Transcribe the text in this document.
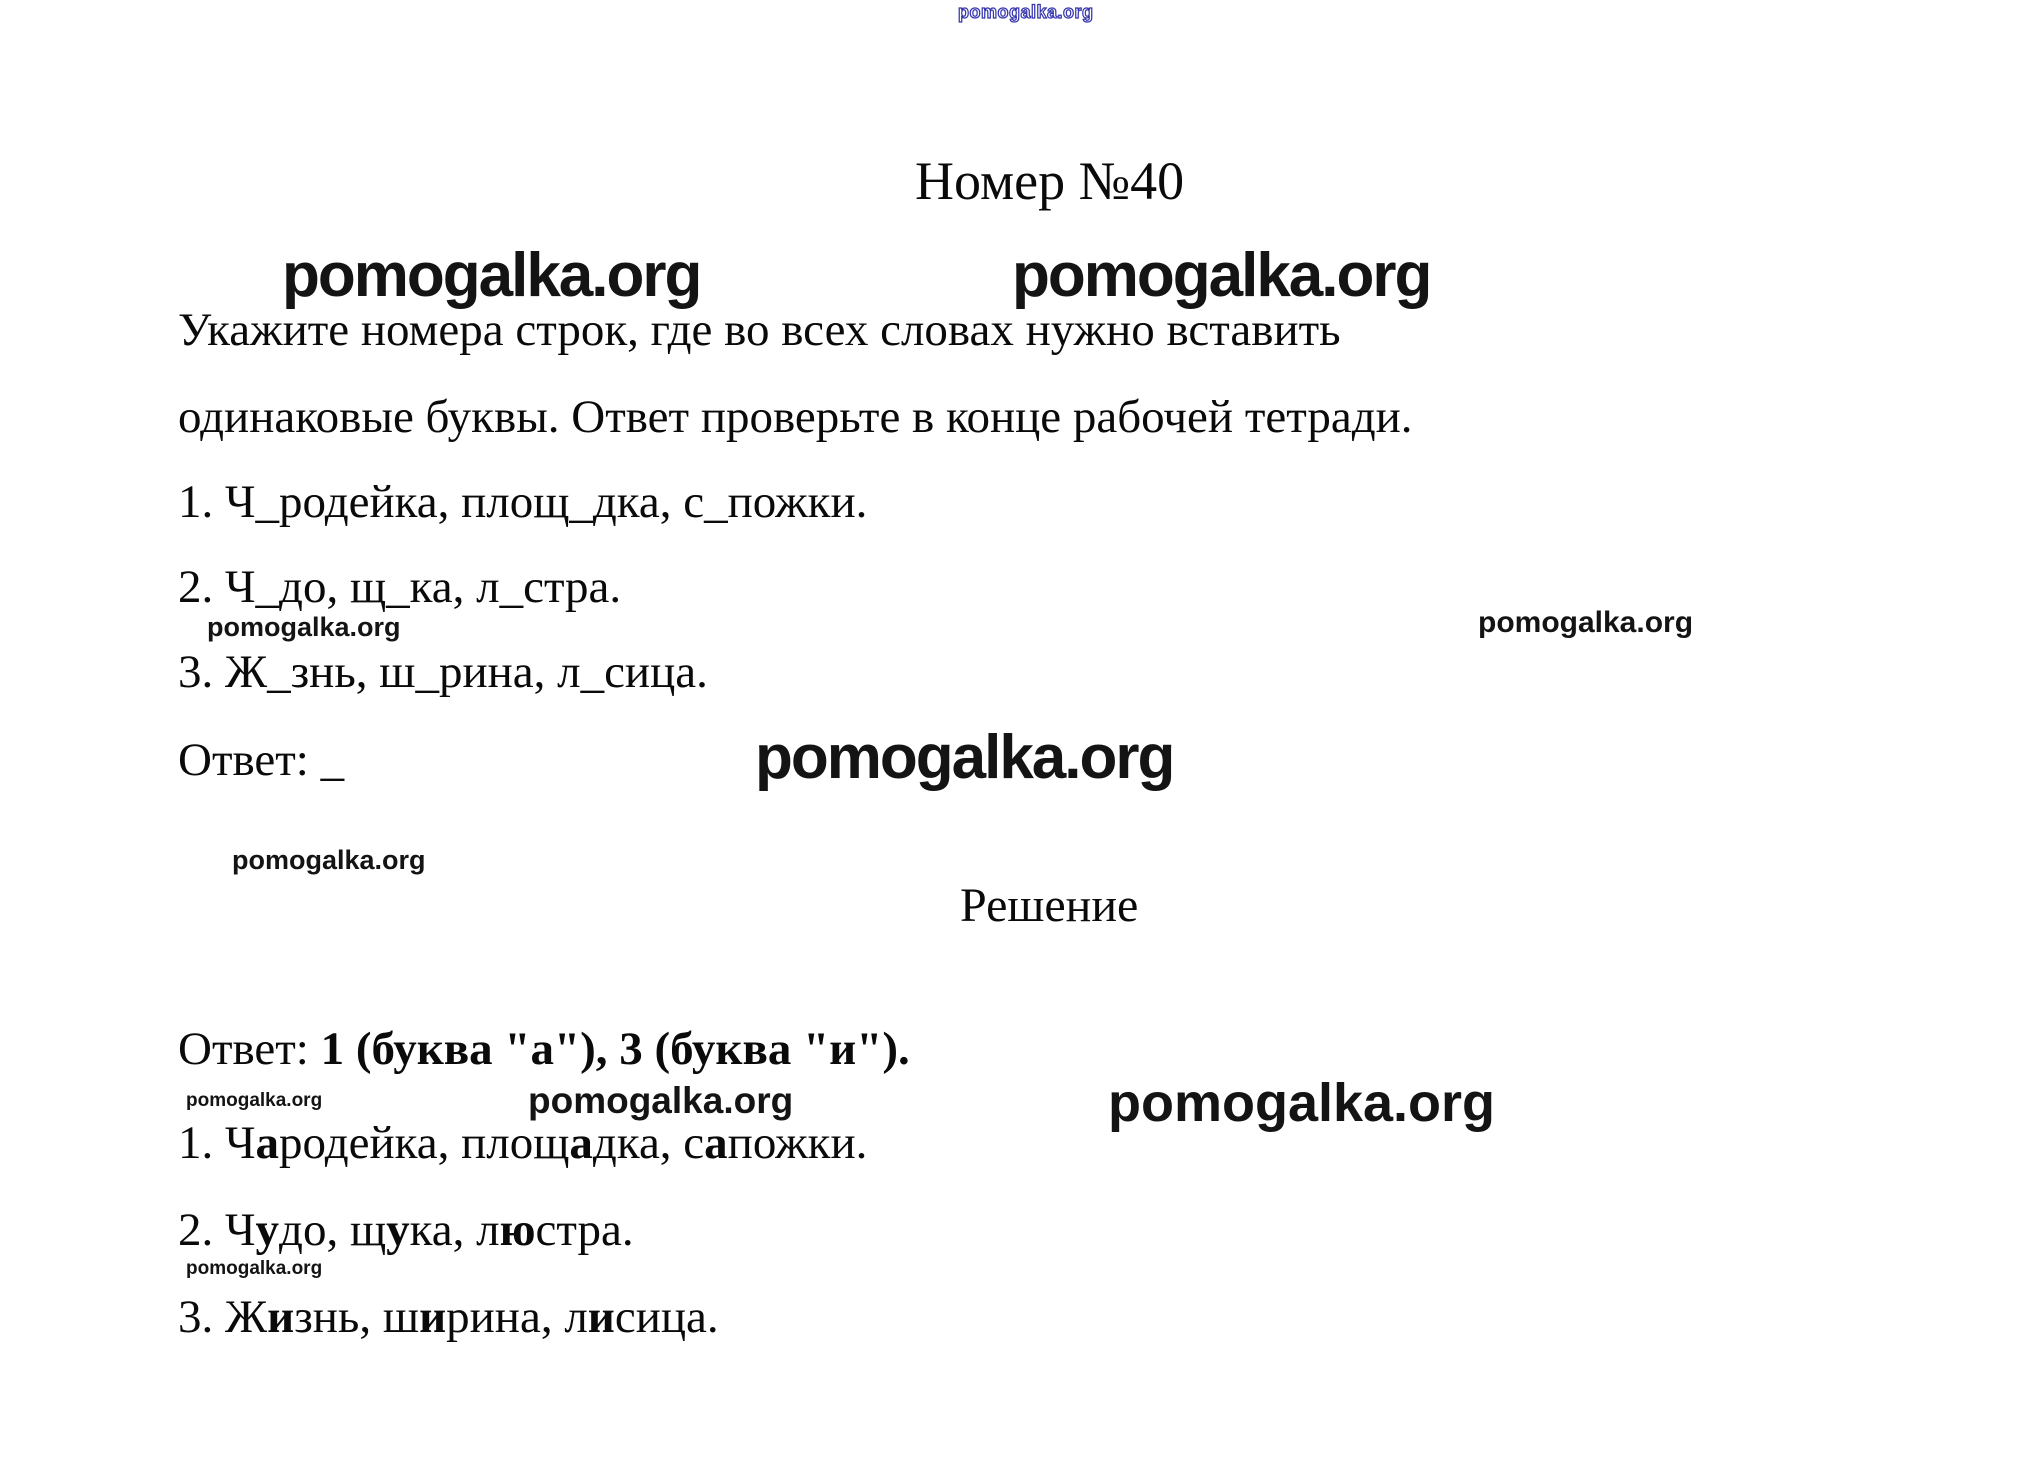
pomogalka.org
pomogalka.org	pomogalka.org
pomogalka.org	pomogalka.org
pomogalka.org
pomogalka.org
pomogalka.org	pomogalka.org	pomogalka.org
pomogalka.org
Номер №40
Укажите номера строк, где во всех словах нужно вставить
одинаковые буквы. Ответ проверьте в конце рабочей тетради.
1. Ч_родейка, площ_дка, с_пожки.
2. Ч_до, щ_ка, л_стра.
3. Ж_знь, ш_рина, л_сица.
Ответ: _
Решение
Ответ: 1 (буква "а"), 3 (буква "и").
1. Чародейка, площадка, сапожки.
2. Чудо, щука, люстра.
3. Жизнь, ширина, лисица.
